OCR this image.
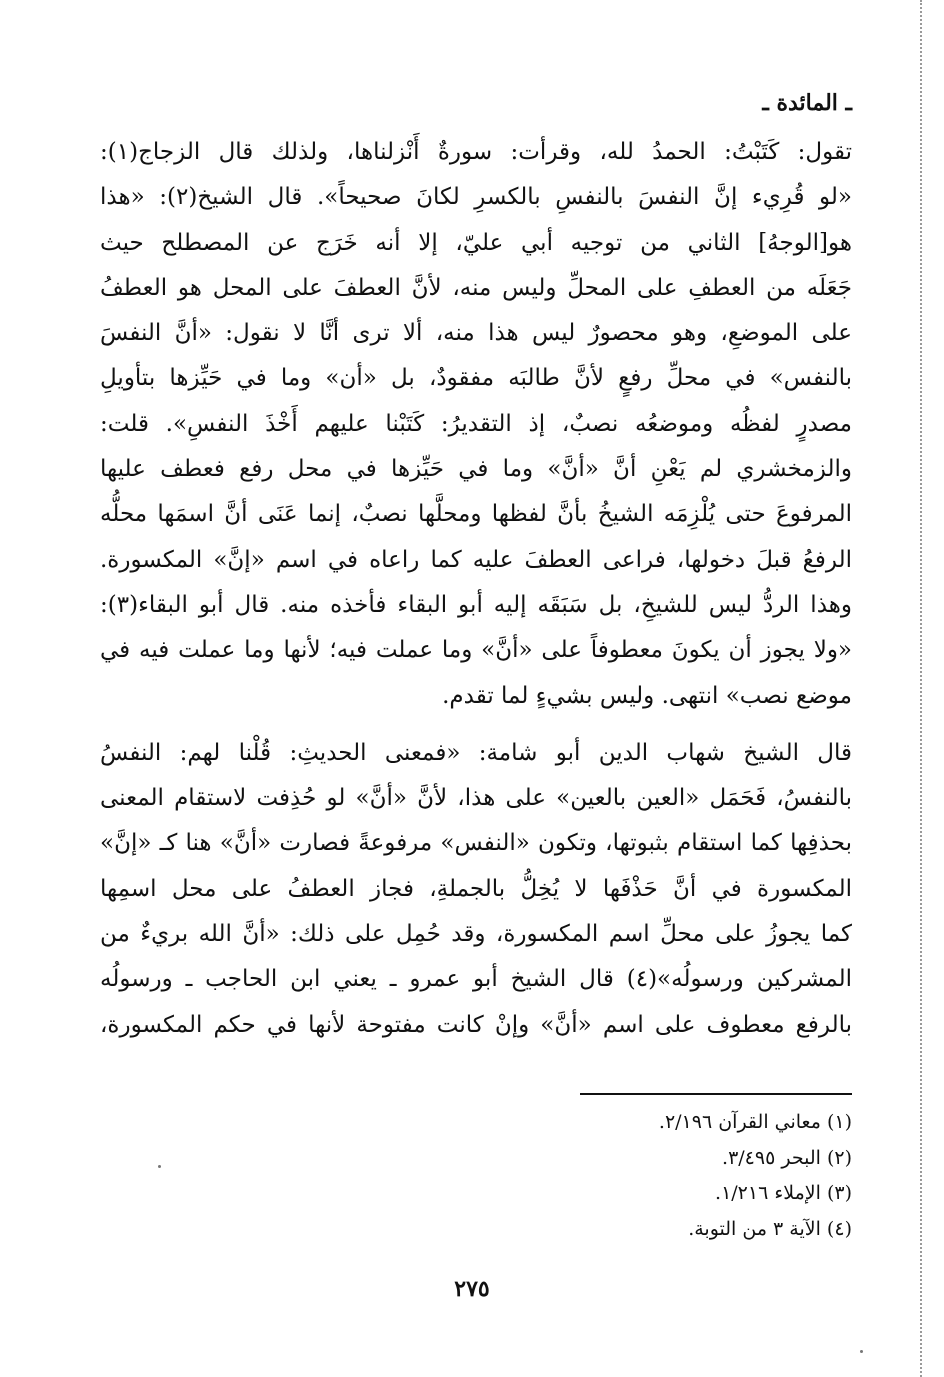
ـ المائدة ـ
تقول: كَتَبْتُ: الحمدُ لله، وقرأت: سورةٌ أَنْزلناها، ولذلك قال الزجاج(١):
«لو قُرِيء إنَّ النفسَ بالنفسِ بالكسرِ لكانَ صحيحاً». قال الشيخ(٢): «هذا
هو[الوجهُ] الثاني من توجيه أبي عليّ، إلا أنه خَرَج عن المصطلح حيث
جَعَلَه من العطفِ على المحلِّ وليس منه، لأنَّ العطفَ على المحل هو العطفُ
على الموضعِ، وهو محصورٌ ليس هذا منه، ألا ترى أنَّا لا نقول: «أنَّ النفسَ
بالنفس» في محلِّ رفعٍ لأنَّ طالبَه مفقودٌ، بل «أن» وما في حَيِّزها بتأويلِ
مصدرٍ لفظُه وموضعُه نصبٌ، إذ التقديرُ: كَتَبْنا عليهم أَخْذَ النفسِ». قلت:
والزمخشري لم يَعْنِ أنَّ «أنَّ» وما في حَيِّزها في محل رفع فعطف عليها
المرفوعَ حتى يُلْزِمَه الشيخُ بأنَّ لفظها ومحلَّها نصبٌ، إنما عَنَى أنَّ اسمَها محلُّه
الرفعُ قبلَ دخولها، فراعى العطفَ عليه كما راعاه في اسم «إنَّ» المكسورة.
وهذا الردُّ ليس للشيخِ، بل سَبَقَه إليه أبو البقاء فأخذه منه. قال أبو البقاء(٣):
«ولا يجوز أن يكونَ معطوفاً على «أنَّ» وما عملت فيه؛ لأنها وما عملت فيه في
موضع نصب» انتهى. وليس بشيءٍ لما تقدم.
قال الشيخ شهاب الدين أبو شامة: «فمعنى الحديثِ: قُلْنا لهم: النفسُ
بالنفسُ، فَحَمَل «العين بالعين» على هذا، لأنَّ «أنَّ» لو حُذِفت لاستقام المعنى
بحذفِها كما استقام بثبوتها، وتكون «النفس» مرفوعةً فصارت «أنَّ» هنا كـ «إنَّ»
المكسورة في أنَّ حَذْفَها لا يُخِلُّ بالجملةِ، فجاز العطفُ على محل اسمِها
كما يجوزُ على محلِّ اسم المكسورة، وقد حُمِل على ذلك: «أنَّ الله بريءٌ من
المشركين ورسولُه»(٤) قال الشيخ أبو عمرو ـ يعني ابن الحاجب ـ ورسولُه
بالرفع معطوف على اسم «أنَّ» وإنْ كانت مفتوحة لأنها في حكم المكسورة،
(١) معاني القرآن ٢/١٩٦.
(٢) البحر ٣/٤٩٥.
(٣) الإملاء ١/٢١٦.
(٤) الآية ٣ من التوبة.
٢٧٥
